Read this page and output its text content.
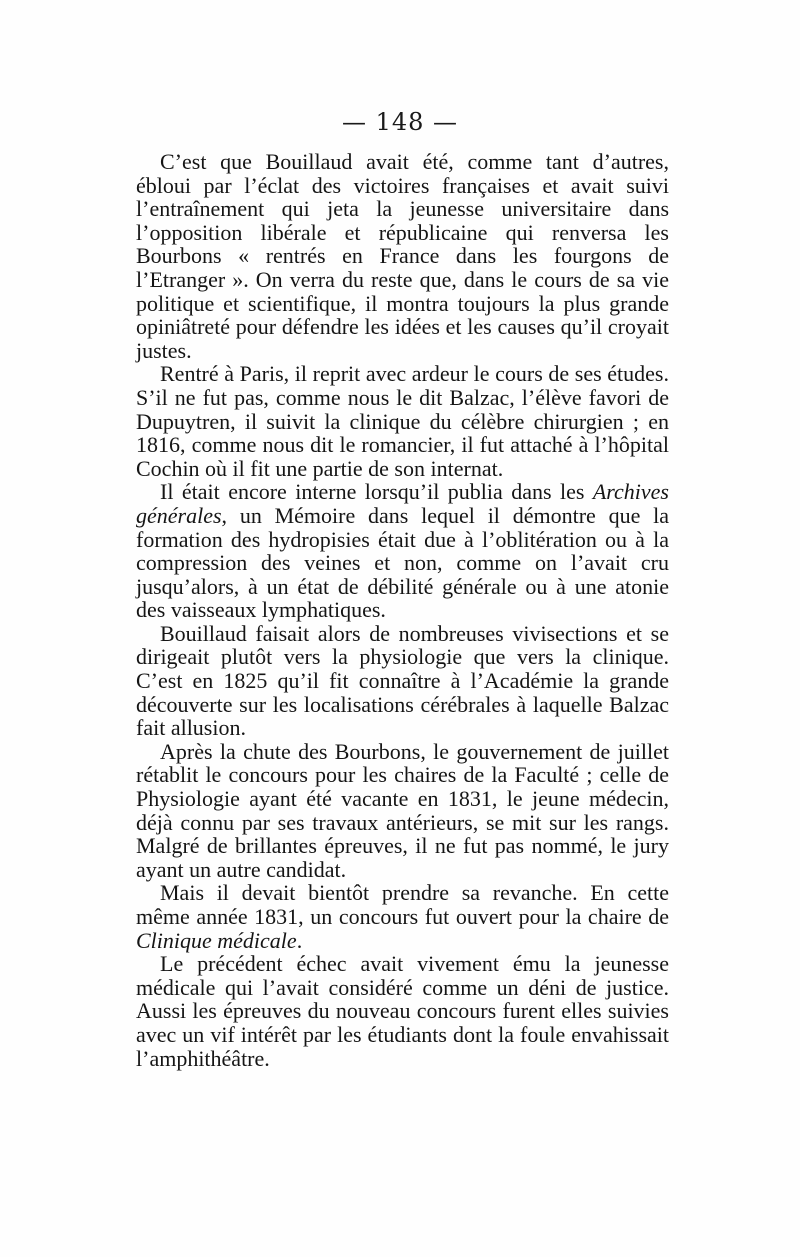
— 148 —

C’est que Bouillaud avait été, comme tant d’autres, ébloui par l’éclat des victoires françaises et avait suivi l’entraînement qui jeta la jeunesse universitaire dans l’opposition libérale et républicaine qui renversa les Bourbons « rentrés en France dans les fourgons de l’Etranger ». On verra du reste que, dans le cours de sa vie politique et scientifique, il montra toujours la plus grande opiniâtreté pour défendre les idées et les causes qu’il croyait justes.

Rentré à Paris, il reprit avec ardeur le cours de ses études. S’il ne fut pas, comme nous le dit Balzac, l’élève favori de Dupuytren, il suivit la clinique du célèbre chirurgien ; en 1816, comme nous dit le romancier, il fut attaché à l’hôpital Cochin où il fit une partie de son internat.

Il était encore interne lorsqu’il publia dans les Archives générales, un Mémoire dans lequel il démontre que la formation des hydropisies était due à l’oblitération ou à la compression des veines et non, comme on l’avait cru jusqu’alors, à un état de débilité générale ou à une atonie des vaisseaux lymphatiques.

Bouillaud faisait alors de nombreuses vivisections et se dirigeait plutôt vers la physiologie que vers la clinique. C’est en 1825 qu’il fit connaître à l’Académie la grande découverte sur les localisations cérébrales à laquelle Balzac fait allusion.

Après la chute des Bourbons, le gouvernement de juillet rétablit le concours pour les chaires de la Faculté ; celle de Physiologie ayant été vacante en 1831, le jeune médecin, déjà connu par ses travaux antérieurs, se mit sur les rangs. Malgré de brillantes épreuves, il ne fut pas nommé, le jury ayant un autre candidat.

Mais il devait bientôt prendre sa revanche. En cette même année 1831, un concours fut ouvert pour la chaire de Clinique médicale.

Le précédent échec avait vivement ému la jeunesse médicale qui l’avait considéré comme un déni de justice. Aussi les épreuves du nouveau concours furent elles suivies avec un vif intérêt par les étudiants dont la foule envahissait l’amphithéâtre.
